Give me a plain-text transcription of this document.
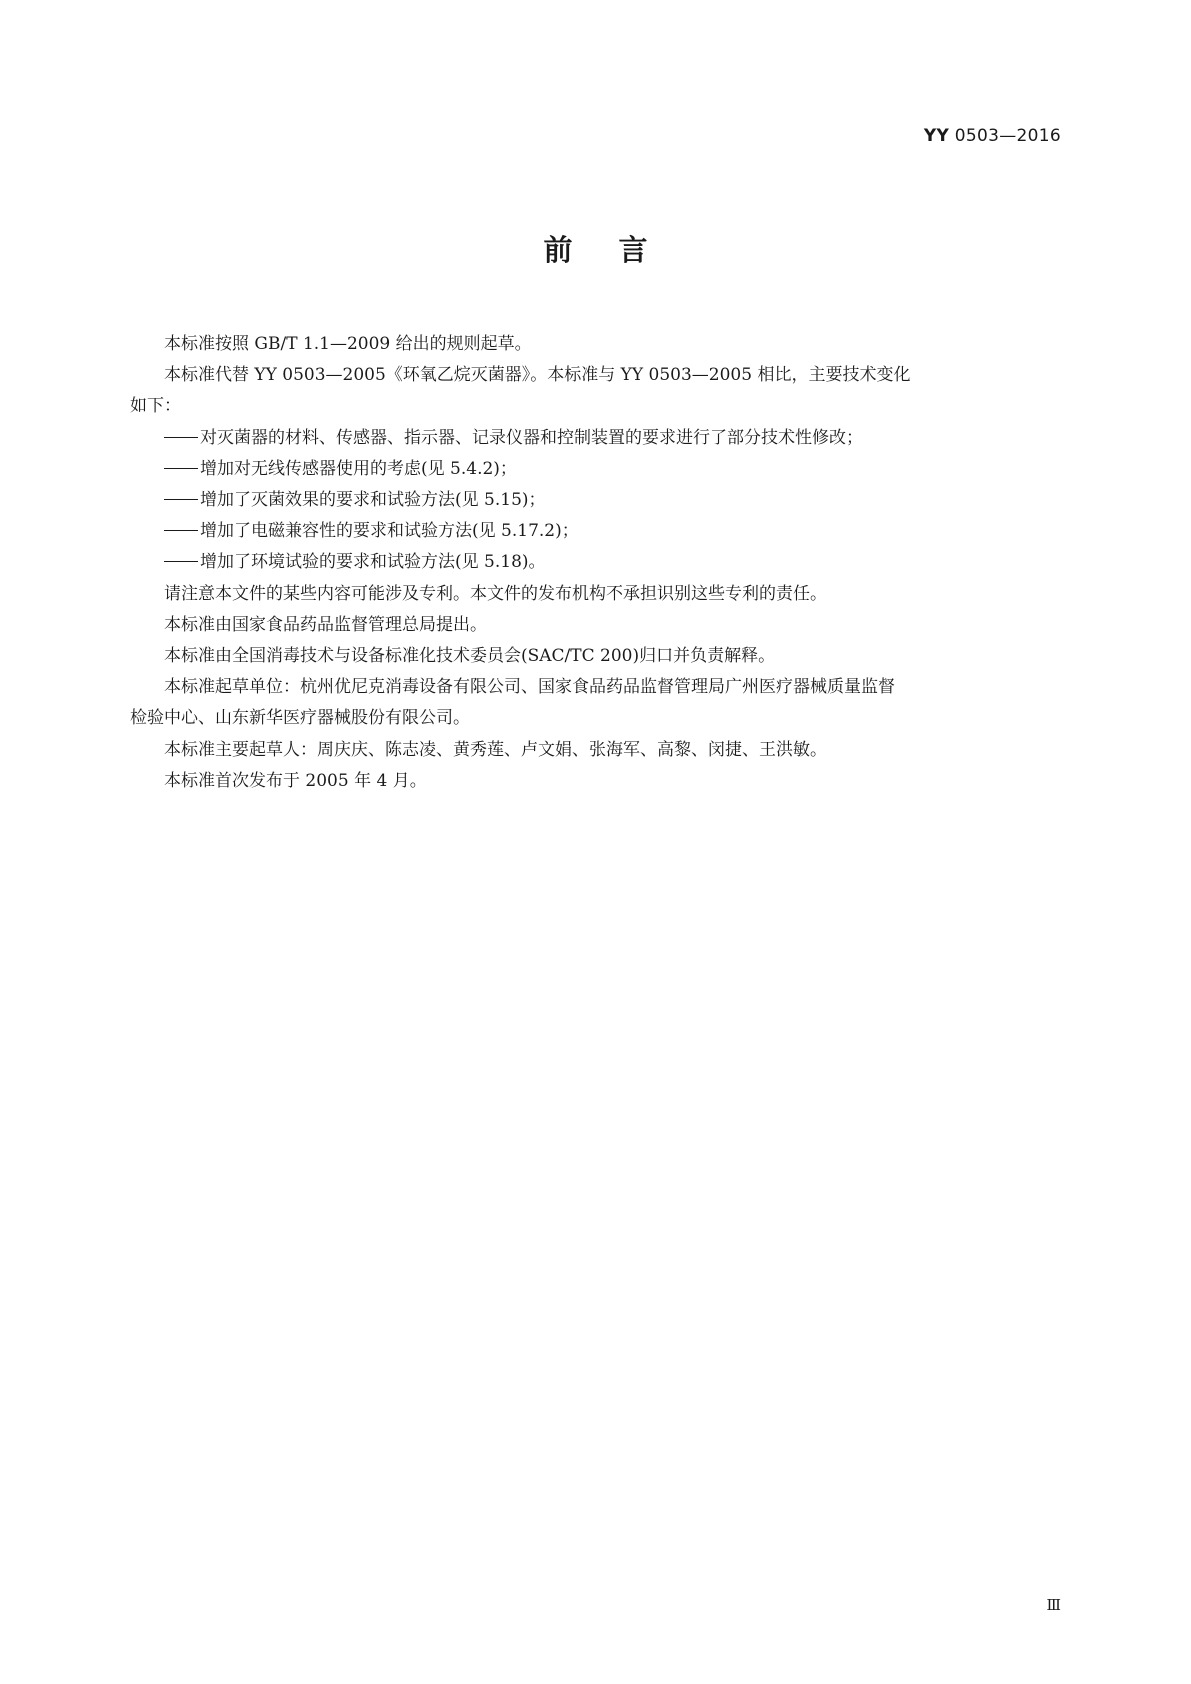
YY 0503—2016
前言

本标准按照 GB/T 1.1—2009 给出的规则起草。

本标准代替 YY 0503—2005《环氧乙烷灭菌器》。本标准与 YY 0503—2005 相比，主要技术变化

如下：

对灭菌器的材料、传感器、指示器、记录仪器和控制装置的要求进行了部分技术性修改；

增加对无线传感器使用的考虑(见 5.4.2)；

增加了灭菌效果的要求和试验方法(见 5.15)；

增加了电磁兼容性的要求和试验方法(见 5.17.2)；

增加了环境试验的要求和试验方法(见 5.18)。

请注意本文件的某些内容可能涉及专利。本文件的发布机构不承担识别这些专利的责任。

本标准由国家食品药品监督管理总局提出。

本标准由全国消毒技术与设备标准化技术委员会(SAC/TC 200)归口并负责解释。

本标准起草单位：杭州优尼克消毒设备有限公司、国家食品药品监督管理局广州医疗器械质量监督

检验中心、山东新华医疗器械股份有限公司。

本标准主要起草人：周庆庆、陈志凌、黄秀莲、卢文娟、张海军、高黎、闵捷、王洪敏。

本标准首次发布于 2005 年 4 月。

Ⅲ
